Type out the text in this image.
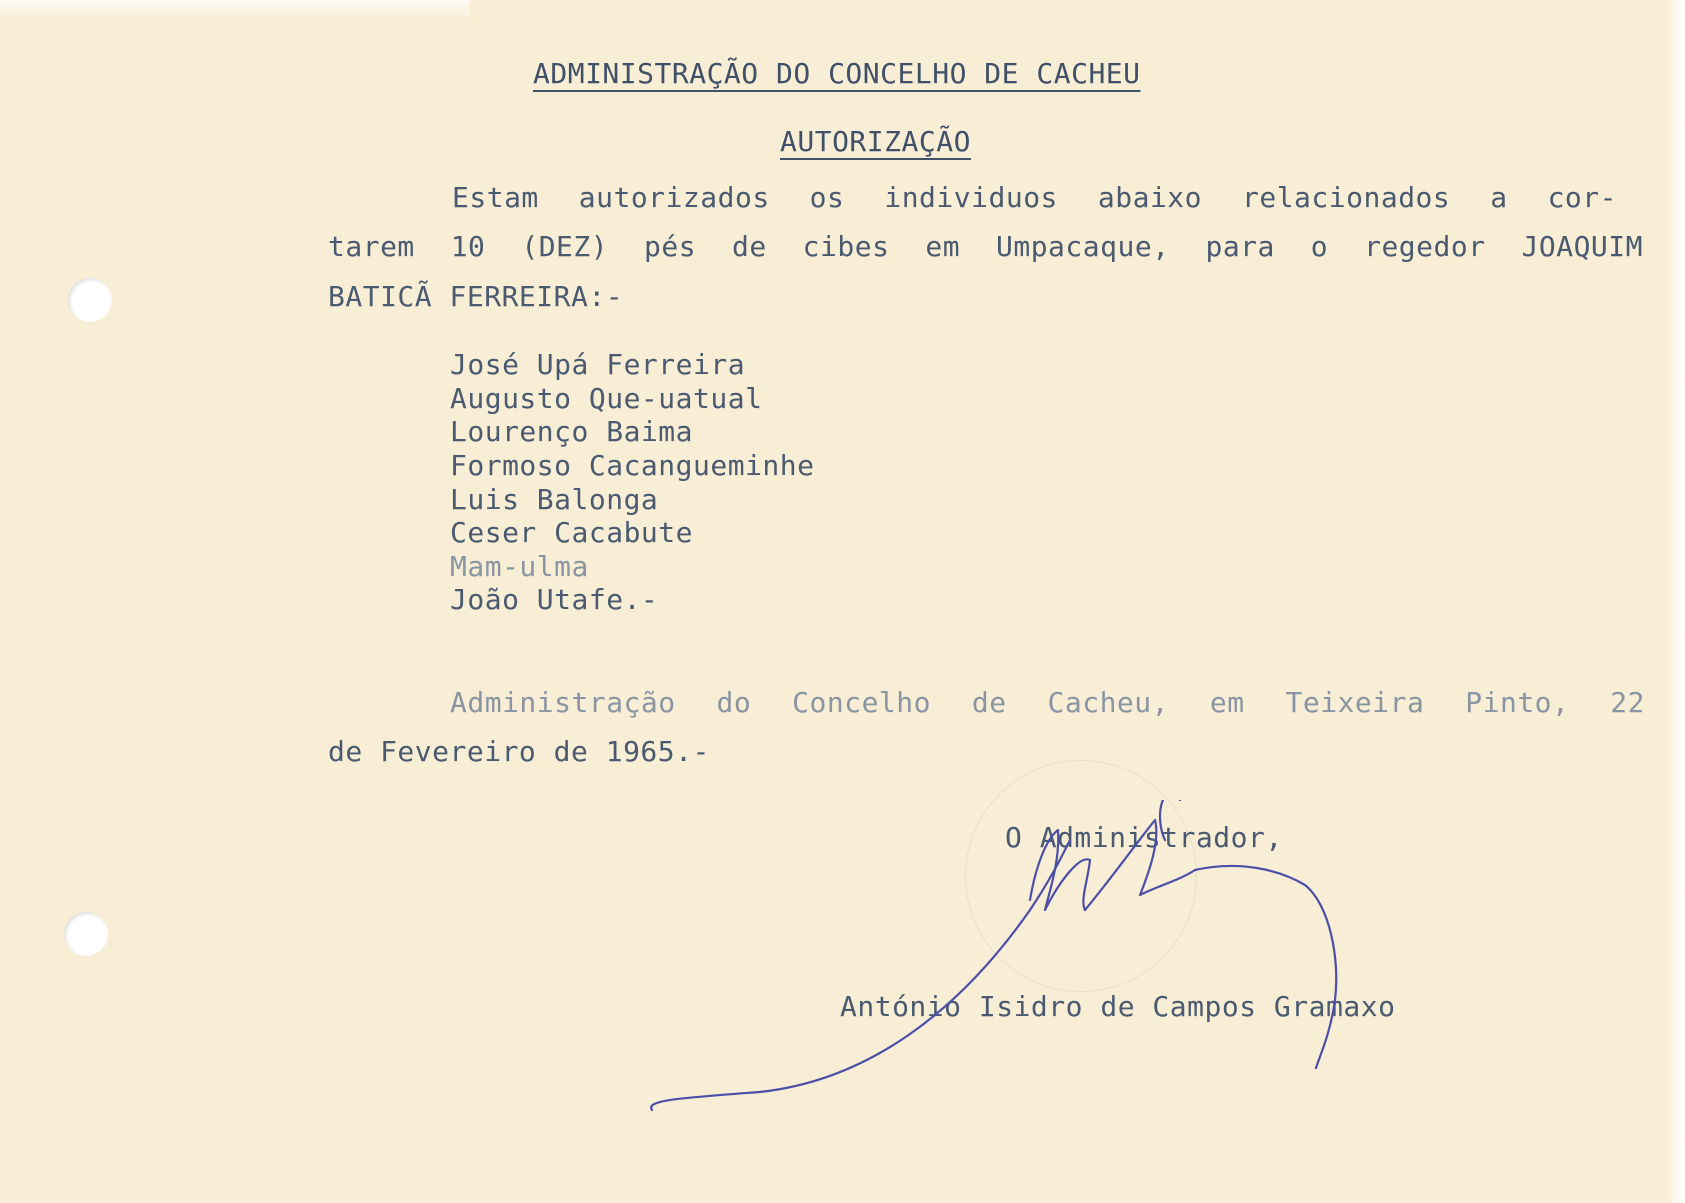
ADMINISTRAÇÃO DO CONCELHO DE CACHEU
AUTORIZAÇÃO
Estam autorizados os individuos abaixo relacionados a cor-
tarem 10 (DEZ) pés de cibes em Umpacaque, para o regedor JOAQUIM
BATICÃ FERREIRA:-
José Upá Ferreira
Augusto Que-uatual
Lourenço Baima
Formoso Cacangueminhe
Luis Balonga
Ceser Cacabute
Mam-ulma
João Utafe.-
Administração do Concelho de Cacheu, em Teixeira Pinto, 22
de Fevereiro de 1965.-
O Administrador,
António Isidro de Campos Gramaxo
